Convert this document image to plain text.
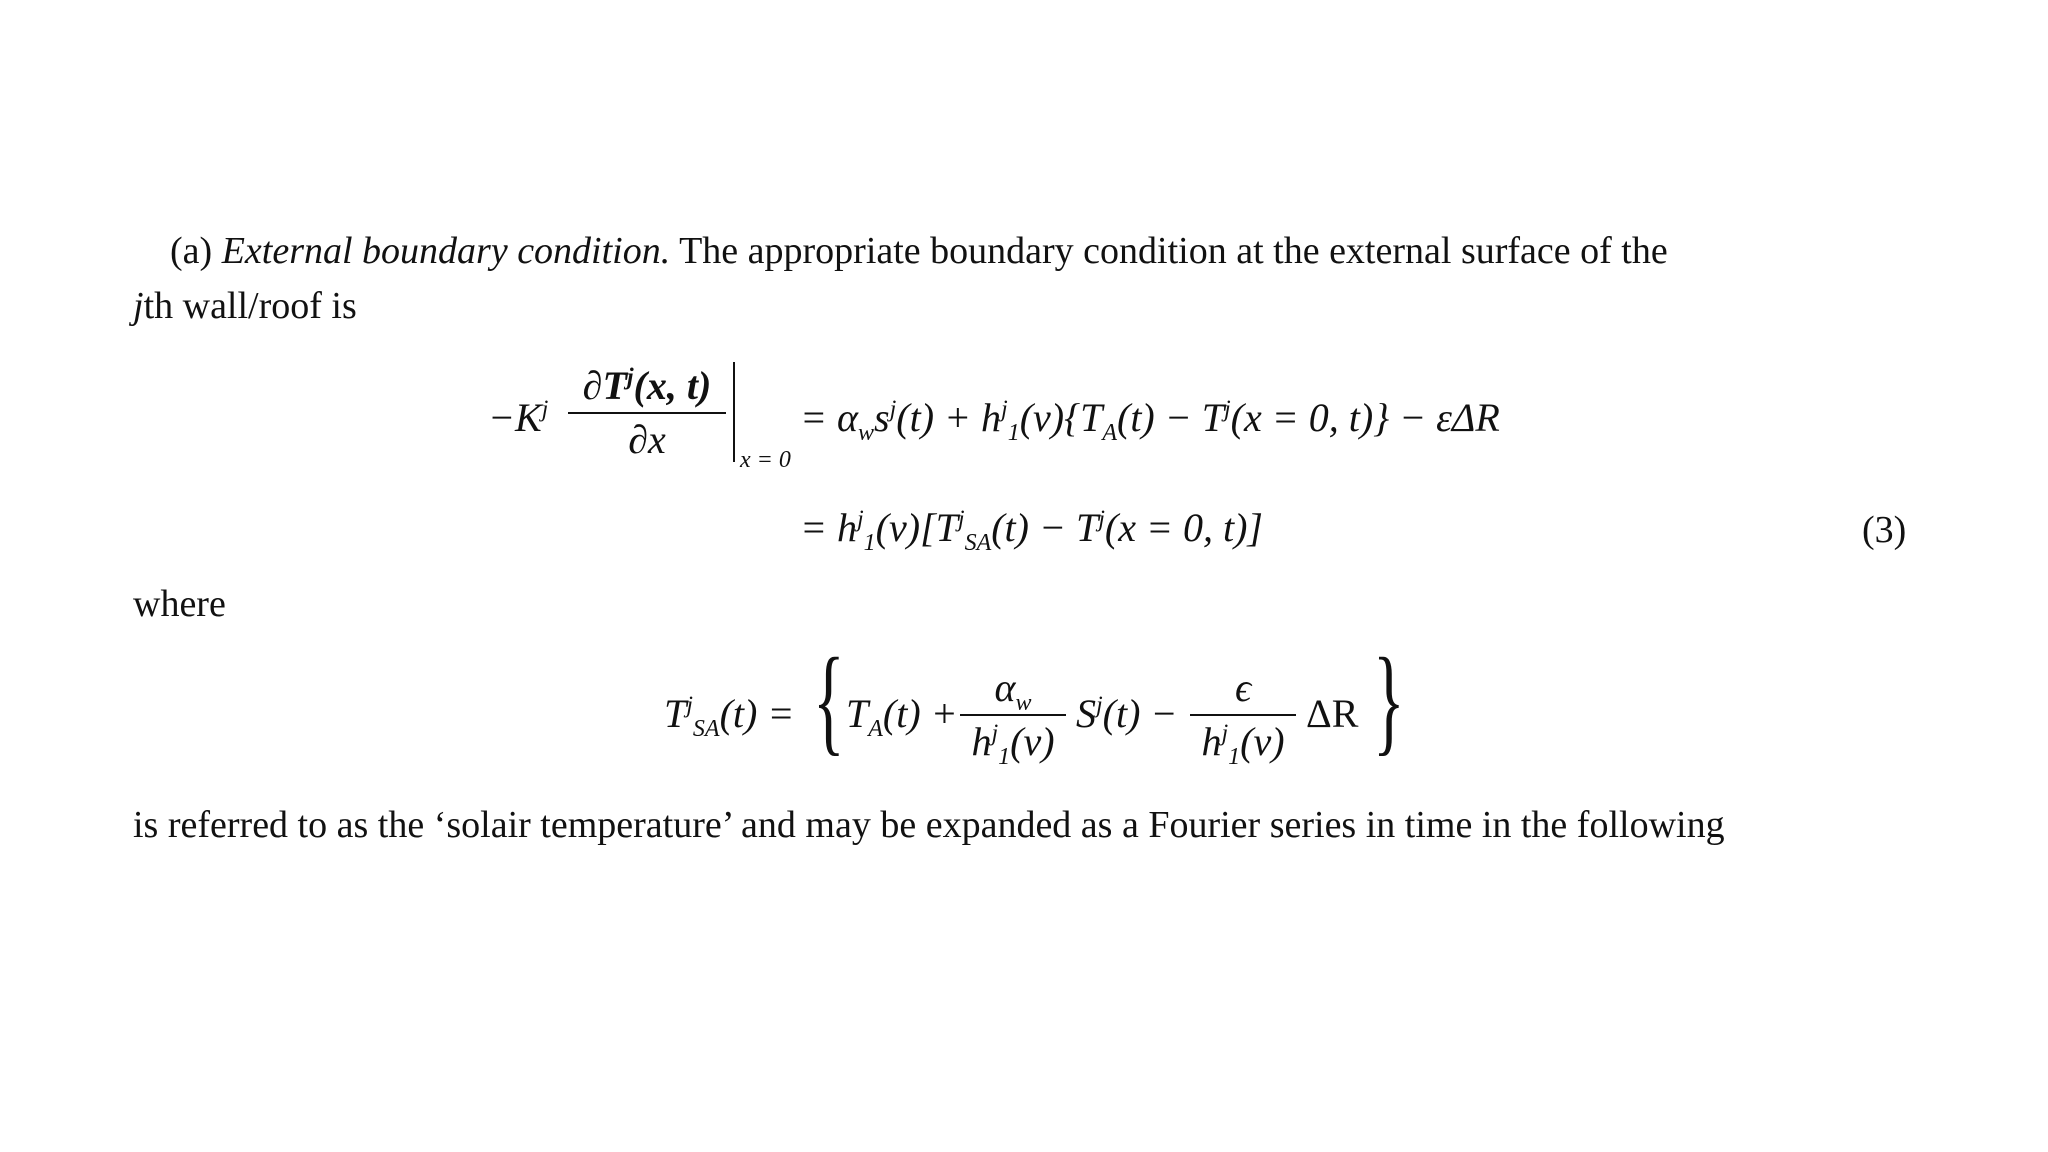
(a) External boundary condition. The appropriate boundary condition at the external surface of the
jth wall/roof is
$-K^j$
$\partial T^j(x$, t)
∂x	x = 0
= $\alpha_ws^j(t) + h^j_1(v)\{T_A(t) - T^j(x = 0$, t)} − εΔR
= $h^j_1(v)[T^j_{SA}(t) - T^j(x = 0$, t)]	(3)
where
$T^j_{SA}(t)$ = { $T_A(t)$ +
$\alpha_w$
$h^j_1(v)$
$S^j(t)$ −
ϵ
$h^j_1(v)$
ΔR }
is referred to as the ‘solair temperature’ and may be expanded as a Fourier series in time in the following
